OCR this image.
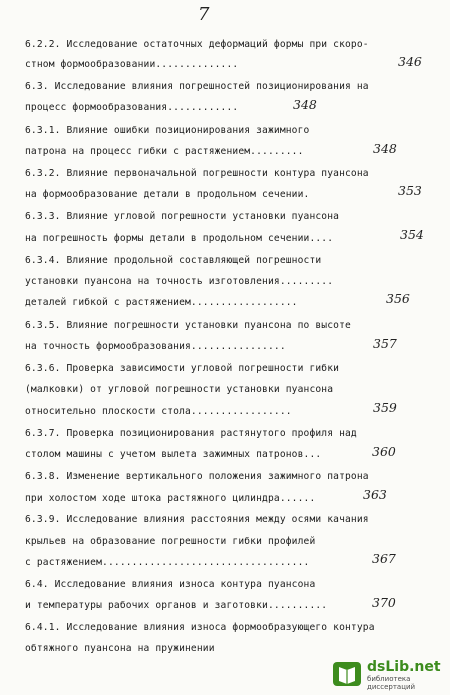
7
6.2.2. Исследование остаточных деформаций формы при скоро-
стном формообразовании..............	346
6.3. Исследование влияния погрешностей позиционирования на
процесс формообразования............	348
6.3.1. Влияние ошибки позиционирования зажимного
патрона на процесс гибки с растяжением.........	348
6.3.2. Влияние первоначальной погрешности контура пуансона
на формообразование детали в продольном сечении.	353
6.3.3. Влияние угловой погрешности установки пуансона
на погрешность формы детали в продольном сечении....	354
6.3.4. Влияние продольной составляющей погрешности
установки пуансона на точность изготовления.........
деталей гибкой с растяжением..................	356
6.3.5. Влияние погрешности установки пуансона по высоте
на точность формообразования................	357
6.3.6. Проверка зависимости угловой погрешности гибки
(малковки) от угловой погрешности установки пуансона
относительно плоскости стола.................	359
6.3.7. Проверка позиционирования растянутого профиля над
столом машины с учетом вылета зажимных патронов...	360
6.3.8. Изменение вертикального положения зажимного патрона
при холостом ходе штока растяжного цилиндра......	363
6.3.9. Исследование влияния расстояния между осями качания
крыльев на образование погрешности гибки профилей
с растяжением...................................	367
6.4. Исследование влияния износа контура пуансона
и температуры рабочих органов и заготовки..........	370
6.4.1. Исследование влияния износа формообразующего контура
обтяжного пуансона на пружинении
dsLib.net
библиотека диссертаций
